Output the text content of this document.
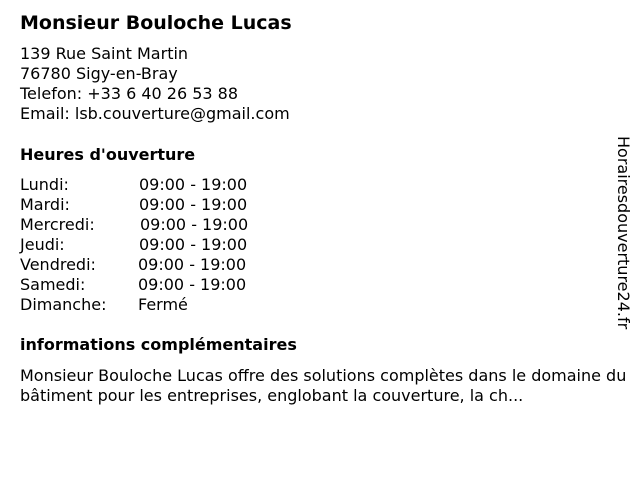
Monsieur Bouloche Lucas
139 Rue Saint Martin
76780 Sigy-en-Bray
Telefon: +33 6 40 26 53 88
Email: lsb.couverture@gmail.com
Heures d'ouverture
Lundi:	09:00 - 19:00
Mardi:	09:00 - 19:00
Mercredi:	09:00 - 19:00
Jeudi:	09:00 - 19:00
Vendredi:	09:00 - 19:00
Samedi:	09:00 - 19:00
Dimanche: Fermé
informations complémentaires
Monsieur Bouloche Lucas offre des solutions complètes dans le domaine du bâtiment pour les entreprises, englobant la couverture, la ch...
Horairesdouverture24.fr
